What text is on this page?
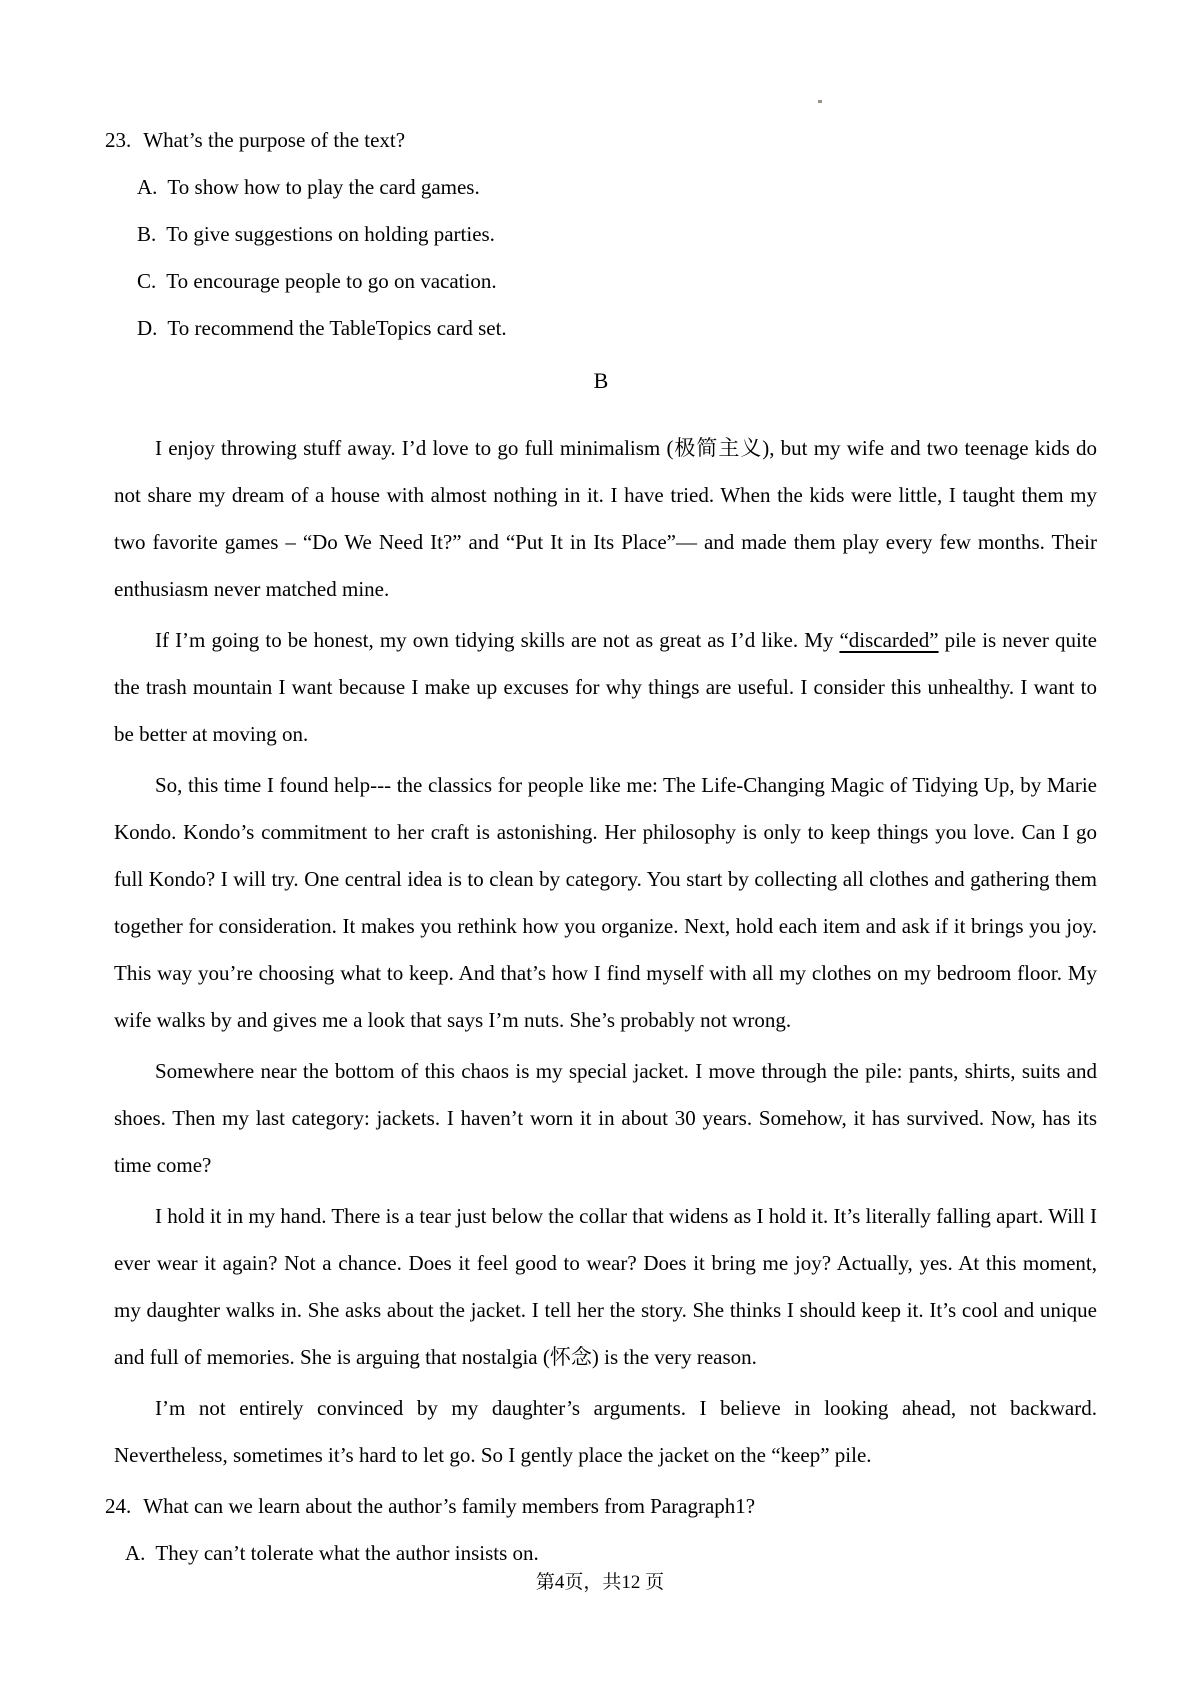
23. What’s the purpose of the text?
A. To show how to play the card games.
B. To give suggestions on holding parties.
C. To encourage people to go on vacation.
D. To recommend the TableTopics card set.
B

I enjoy throwing stuff away. I’d love to go full minimalism (极简主义), but my wife and two teenage kids do not share my dream of a house with almost nothing in it. I have tried. When the kids were little, I taught them my two favorite games – “Do We Need It?” and “Put It in Its Place”— and made them play every few months. Their enthusiasm never matched mine.

If I’m going to be honest, my own tidying skills are not as great as I’d like. My “discarded” pile is never quite the trash mountain I want because I make up excuses for why things are useful. I consider this unhealthy. I want to be better at moving on.

So, this time I found help--- the classics for people like me: The Life-Changing Magic of Tidying Up, by Marie Kondo. Kondo’s commitment to her craft is astonishing. Her philosophy is only to keep things you love. Can I go full Kondo? I will try. One central idea is to clean by category. You start by collecting all clothes and gathering them together for consideration. It makes you rethink how you organize. Next, hold each item and ask if it brings you joy. This way you’re choosing what to keep. And that’s how I find myself with all my clothes on my bedroom floor. My wife walks by and gives me a look that says I’m nuts. She’s probably not wrong.

Somewhere near the bottom of this chaos is my special jacket. I move through the pile: pants, shirts, suits and shoes. Then my last category: jackets. I haven’t worn it in about 30 years. Somehow, it has survived. Now, has its time come?

I hold it in my hand. There is a tear just below the collar that widens as I hold it. It’s literally falling apart. Will I ever wear it again? Not a chance. Does it feel good to wear? Does it bring me joy? Actually, yes. At this moment, my daughter walks in. She asks about the jacket. I tell her the story. She thinks I should keep it. It’s cool and unique and full of memories. She is arguing that nostalgia (怀念) is the very reason.

I’m not entirely convinced by my daughter’s arguments. I believe in looking ahead, not backward. Nevertheless, sometimes it’s hard to let go. So I gently place the jacket on the “keep” pile.

24. What can we learn about the author’s family members from Paragraph1?
A. They can’t tolerate what the author insists on.
第4页，共12 页
